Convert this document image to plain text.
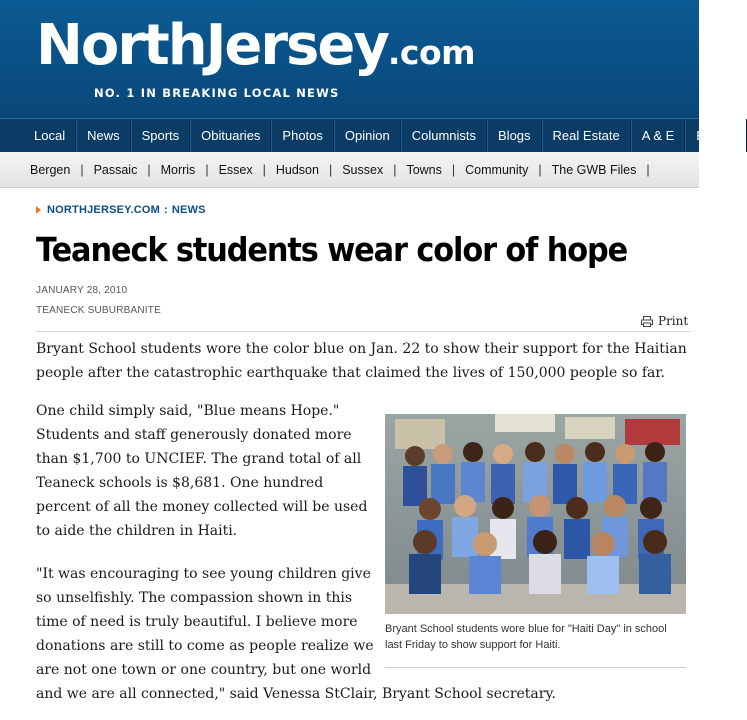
NorthJersey.com
NO. 1 IN BREAKING LOCAL NEWS
Local	News	Sports	Obituaries	Photos	Opinion	Columnists	Blogs	Real Estate	A & E	Events
Bergen | Passaic | Morris | Essex | Hudson | Sussex | Towns | Community | The GWB Files |
NORTHJERSEY.COM : NEWS
Teaneck students wear color of hope
JANUARY 28, 2010
TEANECK SUBURBANITE
Print

Bryant School students wore the color blue on Jan. 22 to show their support for the Haitian people after the catastrophic earthquake that claimed the lives of 150,000 people so far.

One child simply said, "Blue means Hope." Students and staff generously donated more than $1,700 to UNCIEF. The grand total of all Teaneck schools is $8,681. One hundred percent of all the money collected will be used to aide the children in Haiti.

"It was encouraging to see young children give so unselfishly. The compassion shown in this time of need is truly beautiful. I believe more donations are still to come as people realize we are not one town or one country, but one world

and we are all connected," said Venessa StClair, Bryant School secretary.

Bryant School students wore blue for "Haiti Day" in school last Friday to show support for Haiti.
